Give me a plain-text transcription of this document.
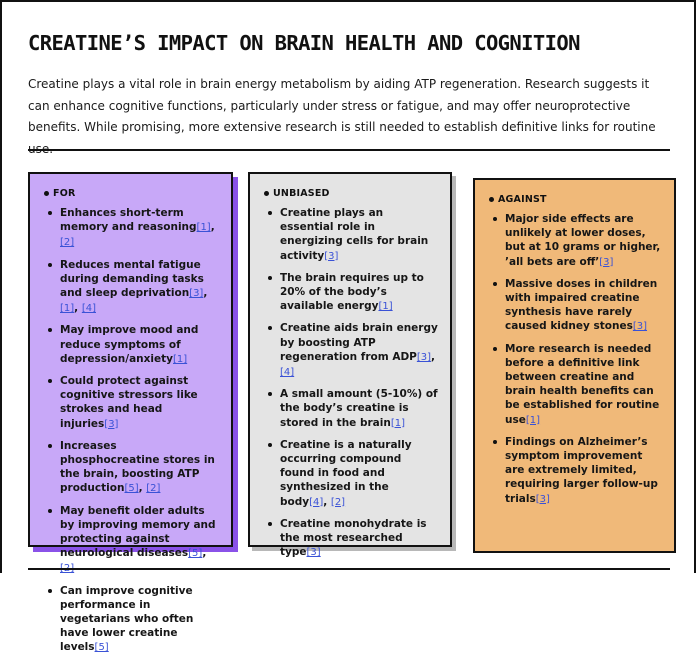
CREATINE’S IMPACT ON BRAIN HEALTH AND COGNITION

Creatine plays a vital role in brain energy metabolism by aiding ATP regeneration. Research suggests it can enhance cognitive functions, particularly under stress or fatigue, and may offer neuroprotective benefits. While promising, more extensive research is still needed to establish definitive links for routine

FOR
Enhances short-term memory and reasoning[1], [2]
Reduces mental fatigue during demanding tasks and sleep deprivation[3], [1], [4]
May improve mood and reduce symptoms of depression/anxiety[1]
Could protect against cognitive stressors like strokes and head injuries[3]
Increases phosphocreatine stores in the brain, boosting ATP production[5], [2]
May benefit older adults by improving memory and protecting against neurological diseases[5],
Can improve cognitive performance in vegetarians who often have lower creatine levels[5]
UNBIASED
Creatine plays an essential role in energizing cells for brain activity[3]
The brain requires up to 20% of the body’s available energy[1]
Creatine aids brain energy by boosting ATP regeneration from ADP[3], [4]
A small amount (5-10%) of the body’s creatine is stored in the brain[1]
Creatine is a naturally occurring compound found in food and synthesized in the body[4], [2]
Creatine monohydrate is the most researched type[3]
AGAINST
Major side effects are unlikely at lower doses, but at 10 grams or higher, ’all bets are off’[3]
Massive doses in children with impaired creatine synthesis have rarely caused kidney stones[3]
More research is needed before a definitive link between creatine and brain health benefits can be established for routine use[1]
Findings on Alzheimer’s symptom improvement are extremely limited, requiring larger follow-up trials[3]
